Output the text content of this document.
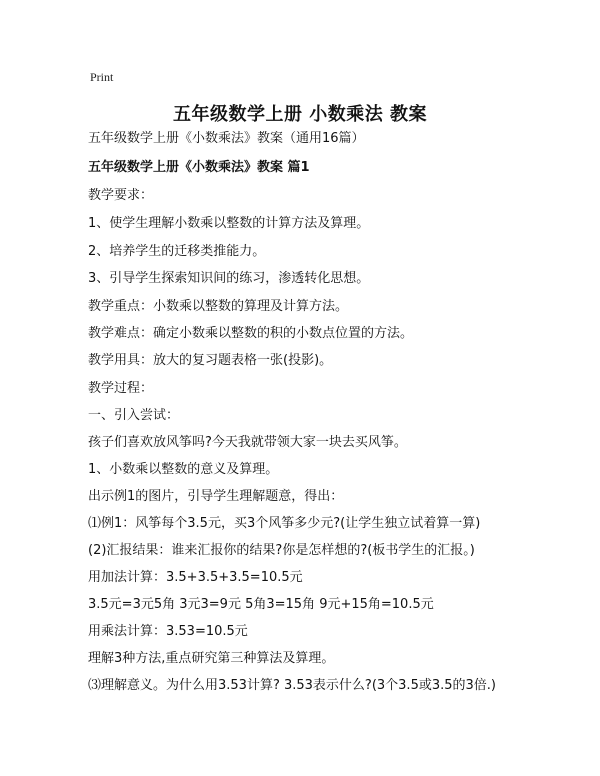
Print
五年级数学上册 小数乘法 教案
五年级数学上册《小数乘法》教案（通用16篇）
五年级数学上册《小数乘法》教案 篇1
教学要求：
1、使学生理解小数乘以整数的计算方法及算理。
2、培养学生的迁移类推能力。
3、引导学生探索知识间的练习，渗透转化思想。
教学重点：小数乘以整数的算理及计算方法。
教学难点：确定小数乘以整数的积的小数点位置的方法。
教学用具：放大的复习题表格一张(投影)。
教学过程：
一、引入尝试：
孩子们喜欢放风筝吗?今天我就带领大家一块去买风筝。
1、小数乘以整数的意义及算理。
出示例1的图片，引导学生理解题意，得出：
⑴例1：风筝每个3.5元，买3个风筝多少元?(让学生独立试着算一算)
(2)汇报结果：谁来汇报你的结果?你是怎样想的?(板书学生的汇报。)
用加法计算：3.5+3.5+3.5=10.5元
3.5元=3元5角 3元3=9元 5角3=15角 9元+15角=10.5元
用乘法计算：3.53=10.5元
理解3种方法,重点研究第三种算法及算理。
⑶理解意义。为什么用3.53计算? 3.53表示什么?(3个3.5或3.5的3倍.)
